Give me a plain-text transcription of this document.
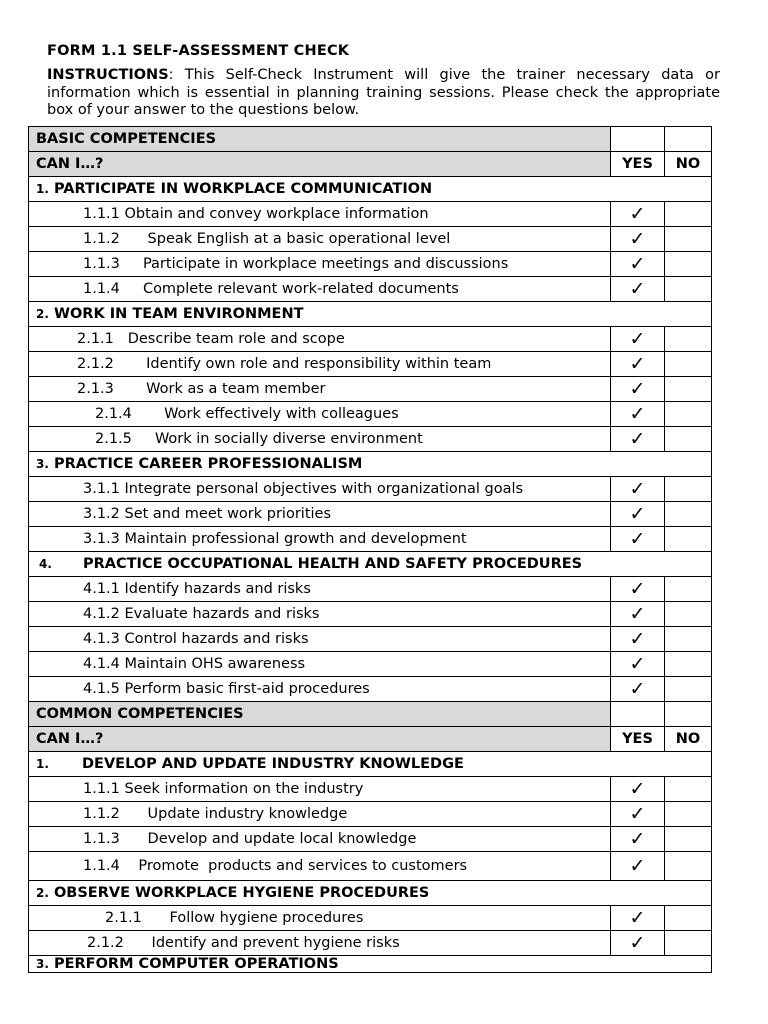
FORM 1.1 SELF-ASSESSMENT CHECK
INSTRUCTIONS: This Self-Check Instrument will give the trainer necessary data or information which is essential in planning training sessions. Please check the appropriate box of your answer to the questions below.
BASIC COMPETENCIES		
CAN I…?	YES	NO
1. PARTICIPATE IN WORKPLACE COMMUNICATION		
1.1.1 Obtain and convey workplace information	✓	
1.1.2      Speak English at a basic operational level	✓	
1.1.3     Participate in workplace meetings and discussions	✓	
1.1.4     Complete relevant work-related documents	✓	
2. WORK IN TEAM ENVIRONMENT		
2.1.1   Describe team role and scope	✓	
2.1.2       Identify own role and responsibility within team	✓	
2.1.3       Work as a team member	✓	
2.1.4       Work effectively with colleagues	✓	
2.1.5     Work in socially diverse environment	✓	
3. PRACTICE CAREER PROFESSIONALISM		
3.1.1 Integrate personal objectives with organizational goals	✓	
3.1.2 Set and meet work priorities	✓	
3.1.3 Maintain professional growth and development	✓	
4. PRACTICE OCCUPATIONAL HEALTH AND SAFETY PROCEDURES		
4.1.1 Identify hazards and risks	✓	
4.1.2 Evaluate hazards and risks	✓	
4.1.3 Control hazards and risks	✓	
4.1.4 Maintain OHS awareness	✓	
4.1.5 Perform basic first-aid procedures	✓	
COMMON COMPETENCIES		
CAN I…?	YES	NO
1. DEVELOP AND UPDATE INDUSTRY KNOWLEDGE		
1.1.1 Seek information on the industry	✓	
1.1.2      Update industry knowledge	✓	
1.1.3      Develop and update local knowledge	✓	
1.1.4    Promote  products and services to customers	✓	
2. OBSERVE WORKPLACE HYGIENE PROCEDURES		
2.1.1      Follow hygiene procedures	✓	
2.1.2      Identify and prevent hygiene risks	✓	
3. PERFORM COMPUTER OPERATIONS		
